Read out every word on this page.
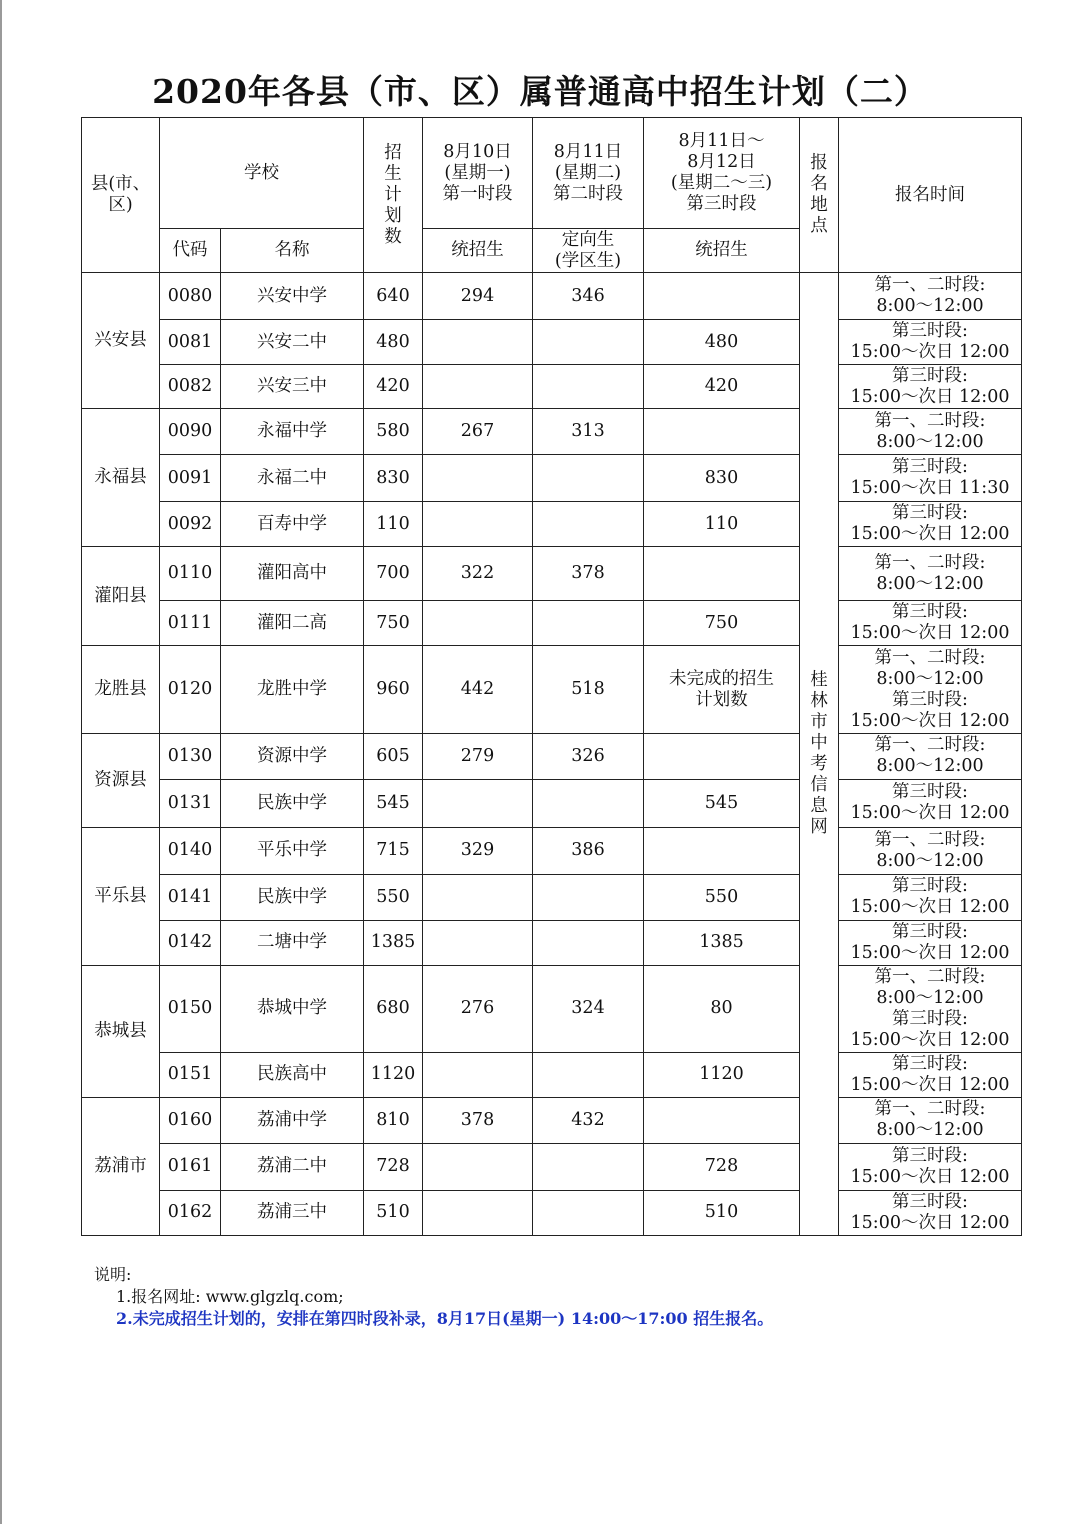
2020年各县（市、区）属普通高中招生计划（二）
县(市、区)	学校		招生计划数	8月10日
(星期一)
第一时段	8月11日
(星期二)
第二时段	8月11日～
8月12日
(星期二～三)
第三时段	报名地点	报名时间
	代码	名称		统招生	定向生
(学区生)	统招生		
兴安县	0080	兴安中学	640	294	346		桂林市中考信息网	第一、二时段:
8:00～12:00

	0081	兴安二中	480			480		第三时段:
15:00～次日 12:00

	0082	兴安三中	420			420		第三时段:
15:00～次日 12:00

永福县	0090	永福中学	580	267	313			第一、二时段:
8:00～12:00

	0091	永福二中	830			830		第三时段:
15:00～次日 11:30

	0092	百寿中学	110			110		第三时段:
15:00～次日 12:00

灌阳县	0110	灌阳高中	700	322	378			第一、二时段:
8:00～12:00

	0111	灌阳二高	750			750		第三时段:
15:00～次日 12:00

龙胜县	0120	龙胜中学	960	442	518	未完成的招生计划数		第一、二时段:
8:00～12:00
第三时段:
15:00～次日 12:00

资源县	0130	资源中学	605	279	326			第一、二时段:
8:00～12:00

	0131	民族中学	545			545		第三时段:
15:00～次日 12:00

平乐县	0140	平乐中学	715	329	386			第一、二时段:
8:00～12:00

	0141	民族中学	550			550		第三时段:
15:00～次日 12:00

	0142	二塘中学	1385			1385		第三时段:
15:00～次日 12:00

恭城县	0150	恭城中学	680	276	324	80		第一、二时段:
8:00～12:00
第三时段:
15:00～次日 12:00

	0151	民族高中	1120			1120		第三时段:
15:00～次日 12:00

荔浦市	0160	荔浦中学	810	378	432			第一、二时段:
8:00～12:00

	0161	荔浦二中	728			728		第三时段:
15:00～次日 12:00

	0162	荔浦三中	510			510		第三时段:
15:00～次日 12:00
说明:
1.报名网址: www.glgzlq.com;
2.未完成招生计划的，安排在第四时段补录，8月17日(星期一) 14:00～17:00 招生报名。
